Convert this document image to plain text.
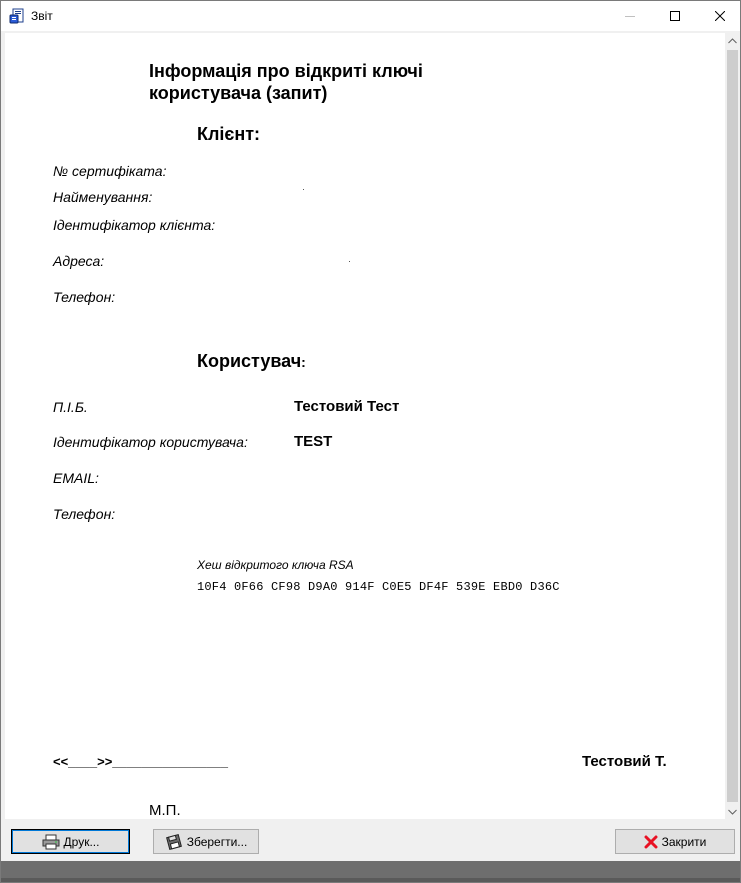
Звіт
Інформація про відкриті ключі
користувача (запит)
Клієнт:
№ сертифіката:
Найменування:
Ідентифікатор клієнта:
Адреса:
Телефон:
Користувач:
П.І.Б.	Тестовий Тест
Ідентифікатор користувача:	TEST
EMAIL:
Телефон:
Хеш відкритого ключа RSA
10F4 0F66 CF98 D9A0 914F C0E5 DF4F 539E EBD0 D36C
<<____>>________________	Тестовий Т.
М.П.
Друк...	Зберегти...	Закрити
